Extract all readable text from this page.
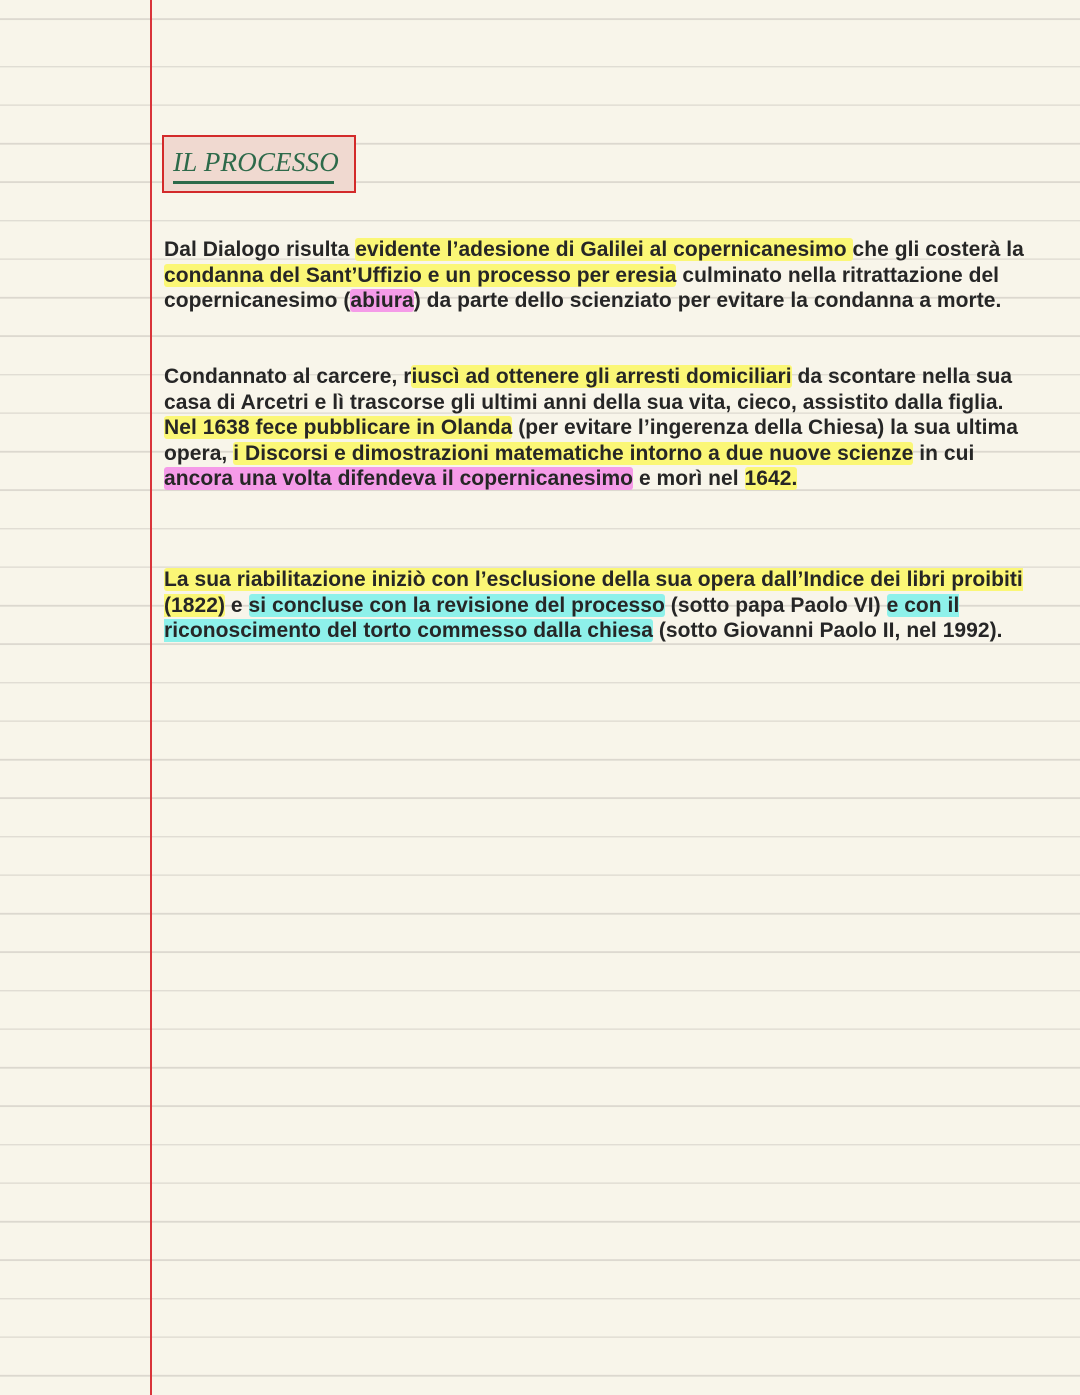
IL PROCESSO

Dal Dialogo risulta evidente l’adesione di Galilei al copernicanesimo che gli costerà la condanna del Sant’Uffizio e un processo per eresia culminato nella ritrattazione del copernicanesimo (abiura) da parte dello scienziato per evitare la condanna a morte.

Condannato al carcere, riuscì ad ottenere gli arresti domiciliari da scontare nella sua casa di Arcetri e lì trascorse gli ultimi anni della sua vita, cieco, assistito dalla figlia.
Nel 1638 fece pubblicare in Olanda (per evitare l’ingerenza della Chiesa) la sua ultima opera, i Discorsi e dimostrazioni matematiche intorno a due nuove scienze in cui ancora una volta difendeva il copernicanesimo e morì nel 1642.

La sua riabilitazione iniziò con l’esclusione della sua opera dall’Indice dei libri proibiti (1822) e si concluse con la revisione del processo (sotto papa Paolo VI) e con il riconoscimento del torto commesso dalla chiesa (sotto Giovanni Paolo II, nel 1992).
